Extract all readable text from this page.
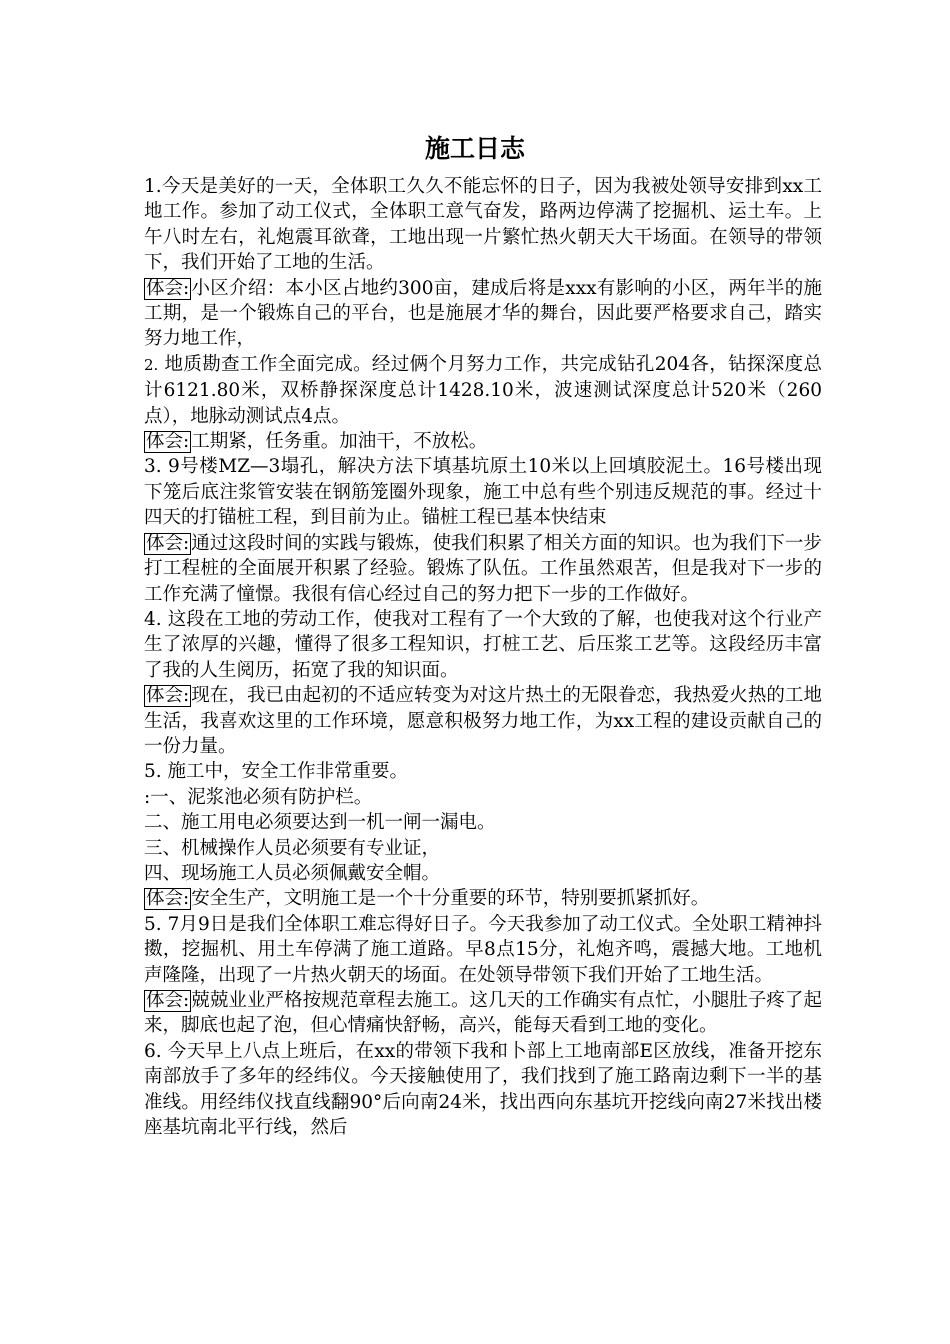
施工日志

1.今天是美好的一天，全体职工久久不能忘怀的日子，因为我被处领导安排到xx工地工作。参加了动工仪式，全体职工意气奋发，路两边停满了挖掘机、运土车。上午八时左右，礼炮震耳欲聋，工地出现一片繁忙热火朝天大干场面。在领导的带领下，我们开始了工地的生活。

体会: 小区介绍：本小区占地约300亩，建成后将是xxx有影响的小区，两年半的施工期，是一个锻炼自己的平台，也是施展才华的舞台，因此要严格要求自己，踏实努力地工作，

2. 地质勘查工作全面完成。经过俩个月努力工作，共完成钻孔204各，钻探深度总计6121.80米，双桥静探深度总计1428.10米，波速测试深度总计520米（260点），地脉动测试点4点。

体会: 工期紧，任务重。加油干，不放松。

3. 9号楼MZ—3塌孔，解决方法下填基坑原土10米以上回填胶泥土。16号楼出现下笼后底注浆管安装在钢筋笼圈外现象，施工中总有些个别违反规范的事。经过十四天的打锚桩工程，到目前为止。锚桩工程已基本快结束

体会: 通过这段时间的实践与锻炼，使我们积累了相关方面的知识。也为我们下一步打工程桩的全面展开积累了经验。锻炼了队伍。工作虽然艰苦，但是我对下一步的工作充满了憧憬。我很有信心经过自己的努力把下一步的工作做好。

4. 这段在工地的劳动工作，使我对工程有了一个大致的了解，也使我对这个行业产生了浓厚的兴趣，懂得了很多工程知识，打桩工艺、后压浆工艺等。这段经历丰富了我的人生阅历，拓宽了我的知识面。

体会: 现在，我已由起初的不适应转变为对这片热土的无限眷恋，我热爱火热的工地生活，我喜欢这里的工作环境，愿意积极努力地工作，为xx工程的建设贡献自己的一份力量。

5. 施工中，安全工作非常重要。

:一、泥浆池必须有防护栏。

二、施工用电必须要达到一机一闸一漏电。

三、机械操作人员必须要有专业证，

四、现场施工人员必须佩戴安全帽。

体会: 安全生产，文明施工是一个十分重要的环节，特别要抓紧抓好。

5. 7月9日是我们全体职工难忘得好日子。今天我参加了动工仪式。全处职工精神抖擞，挖掘机、用土车停满了施工道路。早8点15分，礼炮齐鸣，震撼大地。工地机声隆隆，出现了一片热火朝天的场面。在处领导带领下我们开始了工地生活。

体会: 兢兢业业严格按规范章程去施工。这几天的工作确实有点忙，小腿肚子疼了起来，脚底也起了泡，但心情痛快舒畅，高兴，能每天看到工地的变化。

6. 今天早上八点上班后，在xx的带领下我和卜部上工地南部E区放线，准备开挖东南部放手了多年的经纬仪。今天接触使用了，我们找到了施工路南边剩下一半的基准线。用经纬仪找直线翻90°后向南24米，找出西向东基坑开挖线向南27米找出楼座基坑南北平行线，然后
